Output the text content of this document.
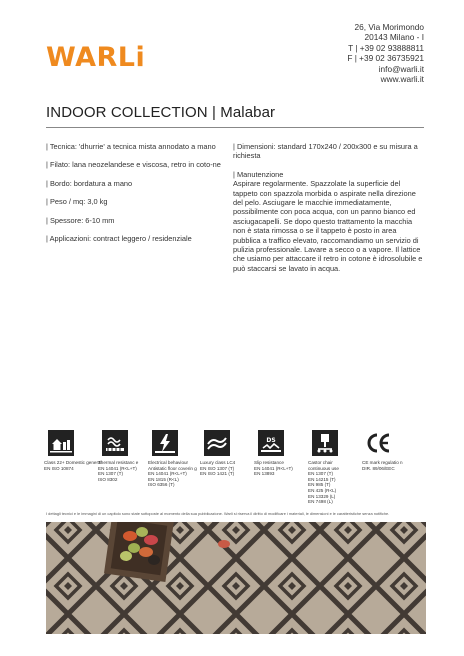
WARLi
26, Via Morimondo
20143 Milano - I
T | +39 02 93888811
F | +39 02 36735921
info@warli.it
www.warli.it
INDOOR COLLECTION | Malabar

| Tecnica: 'dhurrie' a tecnica mista annodato a mano

| Filato: lana neozelandese e viscosa, retro in coto-ne

| Bordo: bordatura a mano

| Peso / mq: 3,0 kg

| Spessore: 6-10 mm

| Applicazioni: contract leggero / residenziale

| Dimensioni: standard 170x240 / 200x300 e su misura a richiesta
| Manutenzione
Aspirare regolarmente. Spazzolate la superficie del tappeto con spazzola morbida o aspirate nella direzione del pelo. Asciugare le macchie immediatamente, possibilmente con poca acqua, con un panno bianco ed asciugacapelli. Se dopo questo trattamento la macchia non è stata rimossa o se il tappeto è posto in area pubblica a traffico elevato, raccomandiamo un servizio di pulizia professionale. Lavare a secco o a vapore. Il lattice che usiamo per attaccare il retro in cotone è idrosolubile e può staccarsi se lavato in acqua.
Class 22+ Domestic general
EN ISO 10874
Thermal resistanc e
EN 14041 (R<L+T)
EN 1307 (T)
ISO 8302
Electrical behaviour
Antistatic floor coverin g
EN 14041 (R<L+T)
EN 1815 (R<L)
ISO 6356 (T)
Luxury class LC4
EN ISO 1307 (T)
EN ISO 1421 (T)
DS
Slip resistance
EN 14041 (R<L+T)
EN 13893
Castor chair
continuous use
EN 1307 (T)
EN 14215 (T)
EN 985 (T)
EN 425 (R<L)
EN 13329 (L)
EN 7498 (L)
CE mark regulatio n
DIR. 89/06/EEC
I dettagli tecnici e le immagini di un capitolo sono state sottoposte al momento della sua pubblicazione. Warli si riserva il diritto di modificare i materiali, le dimensioni e le caratteristiche senza notifiche.
